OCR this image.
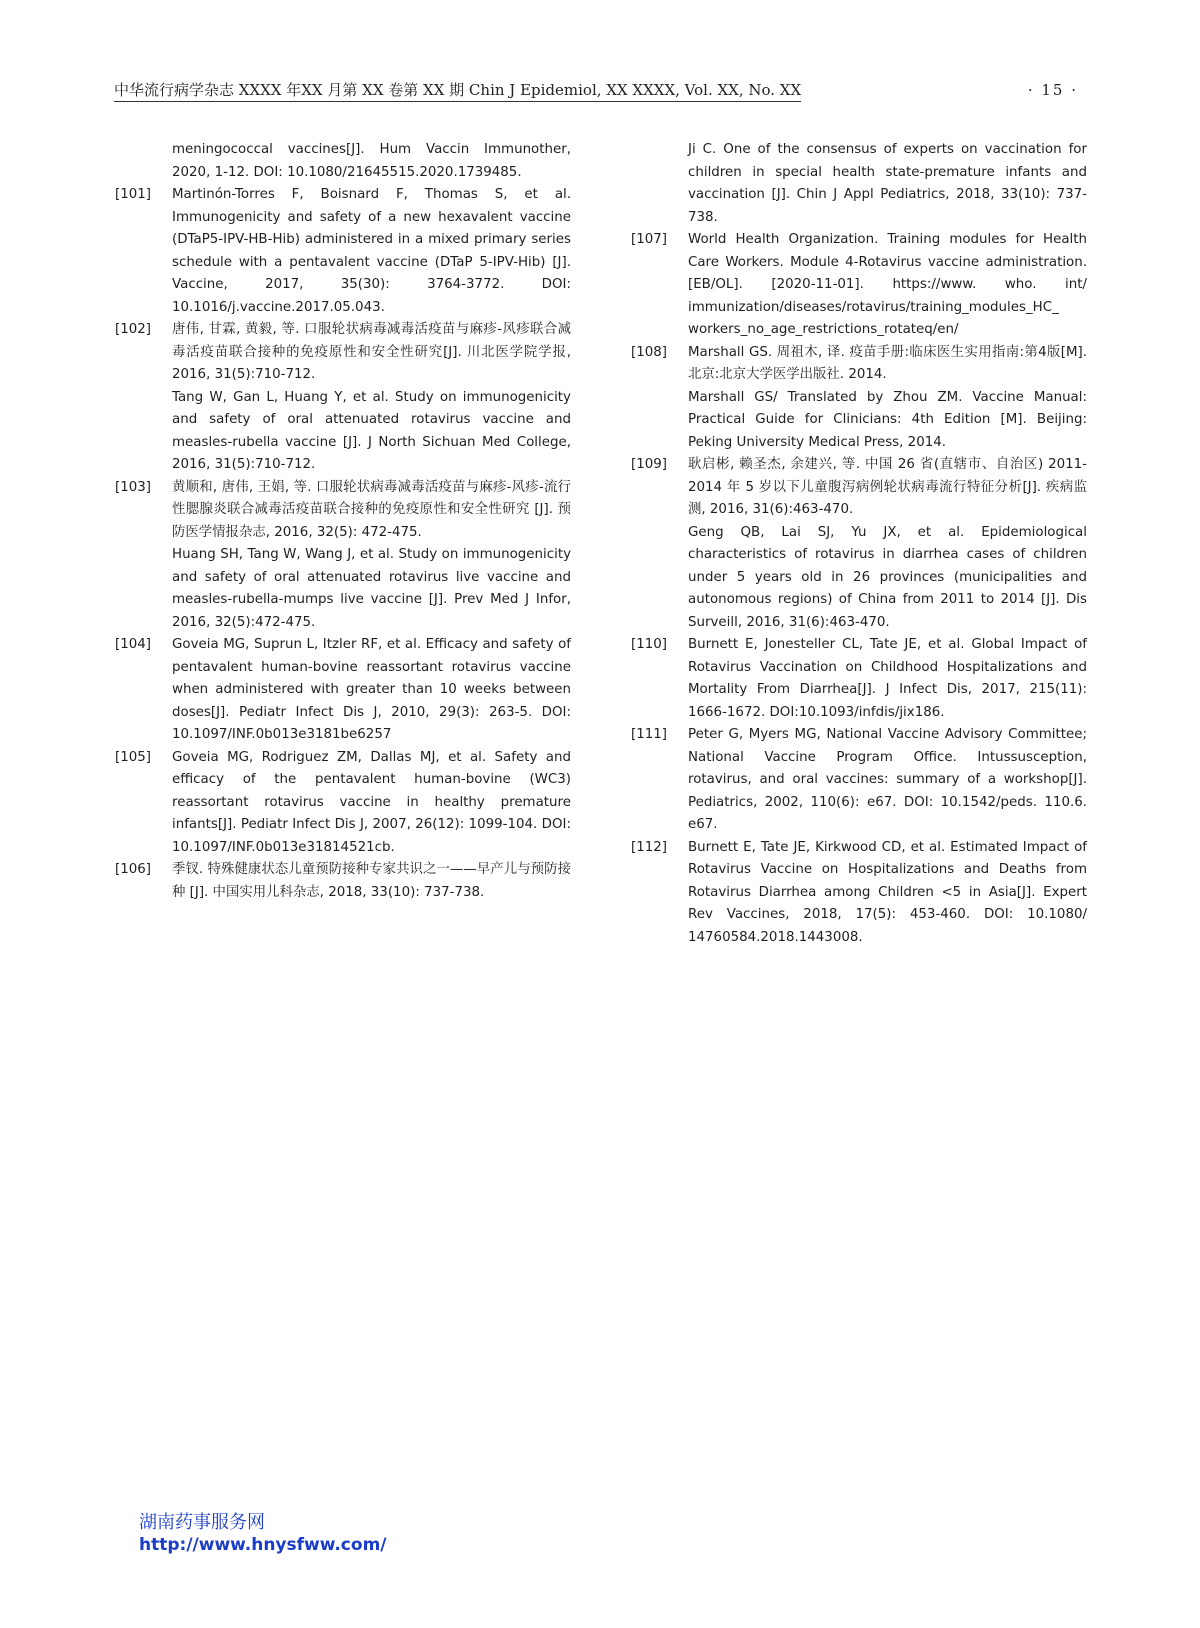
中华流行病学杂志 XXXX 年XX 月第 XX 卷第 XX 期 Chin J Epidemiol, XX XXXX, Vol. XX, No. XX	· 15 ·
meningococcal vaccines[J]. Hum Vaccin Immunother, 2020, 1-12. DOI: 10.1080/21645515.2020.1739485.
[101] Martinón-Torres F, Boisnard F, Thomas S, et al. Immunogenicity and safety of a new hexavalent vaccine (DTaP5-IPV-HB-Hib) administered in a mixed primary series schedule with a pentavalent vaccine (DTaP 5-IPV-Hib) [J]. Vaccine, 2017, 35(30): 3764-3772. DOI: 10.1016/j.vaccine.2017.05.043.
[102] 唐伟, 甘霖, 黄毅, 等. 口服轮状病毒减毒活疫苗与麻疹-风疹联合减毒活疫苗联合接种的免疫原性和安全性研究[J]. 川北医学院学报, 2016, 31(5):710-712.
Tang W, Gan L, Huang Y, et al. Study on immunogenicity and safety of oral attenuated rotavirus vaccine and measles-rubella vaccine [J]. J North Sichuan Med College, 2016, 31(5):710-712.
[103] 黄顺和, 唐伟, 王娟, 等. 口服轮状病毒减毒活疫苗与麻疹-风疹-流行性腮腺炎联合减毒活疫苗联合接种的免疫原性和安全性研究 [J]. 预防医学情报杂志, 2016, 32(5): 472-475.
Huang SH, Tang W, Wang J, et al. Study on immunogenicity and safety of oral attenuated rotavirus live vaccine and measles-rubella-mumps live vaccine [J]. Prev Med J Infor, 2016, 32(5):472-475.
[104] Goveia MG, Suprun L, Itzler RF, et al. Efficacy and safety of pentavalent human-bovine reassortant rotavirus vaccine when administered with greater than 10 weeks between doses[J]. Pediatr Infect Dis J, 2010, 29(3): 263-5. DOI: 10.1097/INF.0b013e3181be6257
[105] Goveia MG, Rodriguez ZM, Dallas MJ, et al. Safety and efficacy of the pentavalent human-bovine (WC3) reassortant rotavirus vaccine in healthy premature infants[J]. Pediatr Infect Dis J, 2007, 26(12): 1099-104. DOI: 10.1097/INF.0b013e31814521cb.
[106] 季钗. 特殊健康状态儿童预防接种专家共识之一——早产儿与预防接种 [J]. 中国实用儿科杂志, 2018, 33(10): 737-738.
Ji C. One of the consensus of experts on vaccination for children in special health state-premature infants and vaccination [J]. Chin J Appl Pediatrics, 2018, 33(10): 737-738.
[107] World Health Organization. Training modules for Health Care Workers. Module 4-Rotavirus vaccine administration. [EB/OL]. [2020-11-01]. https://www. who. int/ immunization/diseases/rotavirus/training_modules_HC_ workers_no_age_restrictions_rotateq/en/
[108] Marshall GS. 周祖木, 译. 疫苗手册:临床医生实用指南:第4版[M]. 北京:北京大学医学出版社. 2014.
Marshall GS/ Translated by Zhou ZM. Vaccine Manual: Practical Guide for Clinicians: 4th Edition [M]. Beijing: Peking University Medical Press, 2014.
[109] 耿启彬, 赖圣杰, 余建兴, 等. 中国 26 省(直辖市、自治区) 2011-2014 年 5 岁以下儿童腹泻病例轮状病毒流行特征分析[J]. 疾病监测, 2016, 31(6):463-470.
Geng QB, Lai SJ, Yu JX, et al. Epidemiological characteristics of rotavirus in diarrhea cases of children under 5 years old in 26 provinces (municipalities and autonomous regions) of China from 2011 to 2014 [J]. Dis Surveill, 2016, 31(6):463-470.
[110] Burnett E, Jonesteller CL, Tate JE, et al. Global Impact of Rotavirus Vaccination on Childhood Hospitalizations and Mortality From Diarrhea[J]. J Infect Dis, 2017, 215(11): 1666-1672. DOI:10.1093/infdis/jix186.
[111] Peter G, Myers MG, National Vaccine Advisory Committee; National Vaccine Program Office. Intussusception, rotavirus, and oral vaccines: summary of a workshop[J]. Pediatrics, 2002, 110(6): e67. DOI: 10.1542/peds. 110.6. e67.
[112] Burnett E, Tate JE, Kirkwood CD, et al. Estimated Impact of Rotavirus Vaccine on Hospitalizations and Deaths from Rotavirus Diarrhea among Children <5 in Asia[J]. Expert Rev Vaccines, 2018, 17(5): 453-460. DOI: 10.1080/ 14760584.2018.1443008.
湖南药事服务网
http://www.hnysfww.com/
